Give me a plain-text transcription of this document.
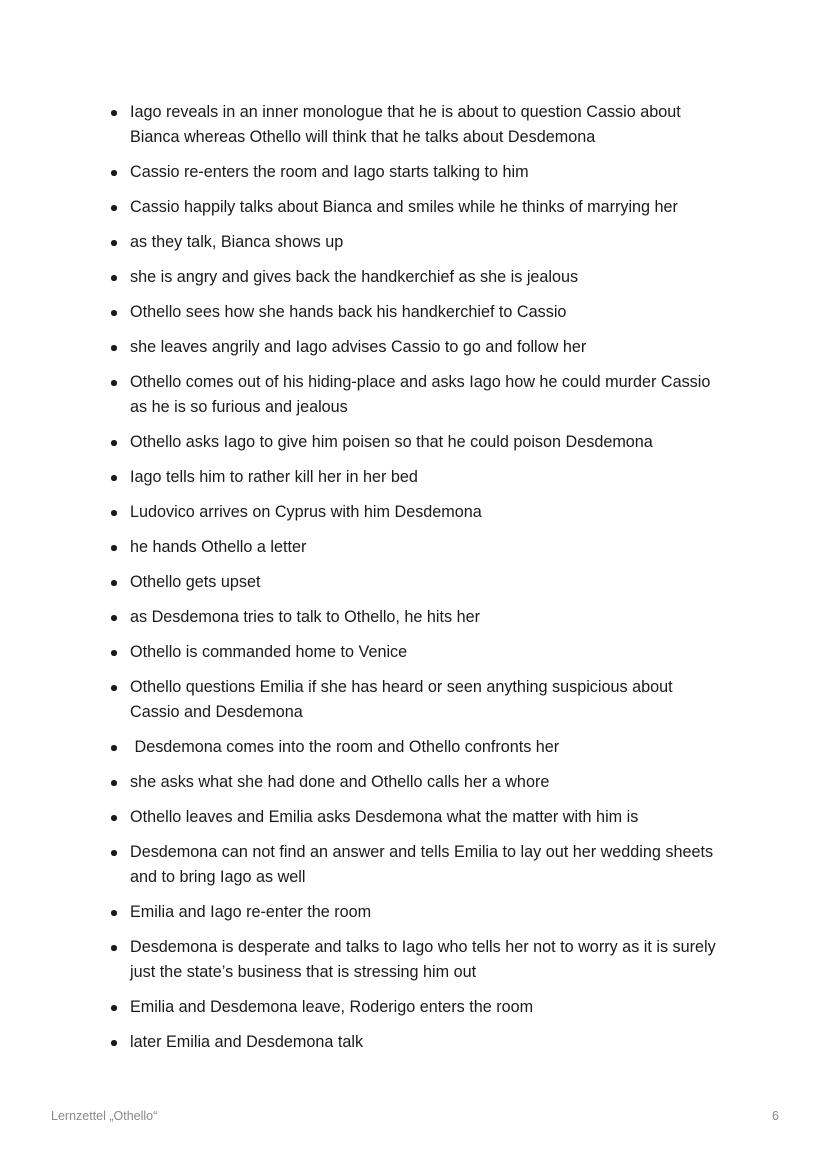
Iago reveals in an inner monologue that he is about to question Cassio about Bianca whereas Othello will think that he talks about Desdemona
Cassio re-enters the room and Iago starts talking to him
Cassio happily talks about Bianca and smiles while he thinks of marrying her
as they talk, Bianca shows up
she is angry and gives back the handkerchief as she is jealous
Othello sees how she hands back his handkerchief to Cassio
she leaves angrily and Iago advises Cassio to go and follow her
Othello comes out of his hiding-place and asks Iago how he could murder Cassio as he is so furious and jealous
Othello asks Iago to give him poisen so that he could poison Desdemona
Iago tells him to rather kill her in her bed
Ludovico arrives on Cyprus with him Desdemona
he hands Othello a letter
Othello gets upset
as Desdemona tries to talk to Othello, he hits her
Othello is commanded home to Venice
Othello questions Emilia if she has heard or seen anything suspicious about Cassio and Desdemona
Desdemona comes into the room and Othello confronts her
she asks what she had done and Othello calls her a whore
Othello leaves and Emilia asks Desdemona what the matter with him is
Desdemona can not find an answer and tells Emilia to lay out her wedding sheets and to bring Iago as well
Emilia and Iago re-enter the room
Desdemona is desperate and talks to Iago who tells her not to worry as it is surely just the state’s business that is stressing him out
Emilia and Desdemona leave, Roderigo enters the room
later Emilia and Desdemona talk
Lernzettel „Othello“	6
